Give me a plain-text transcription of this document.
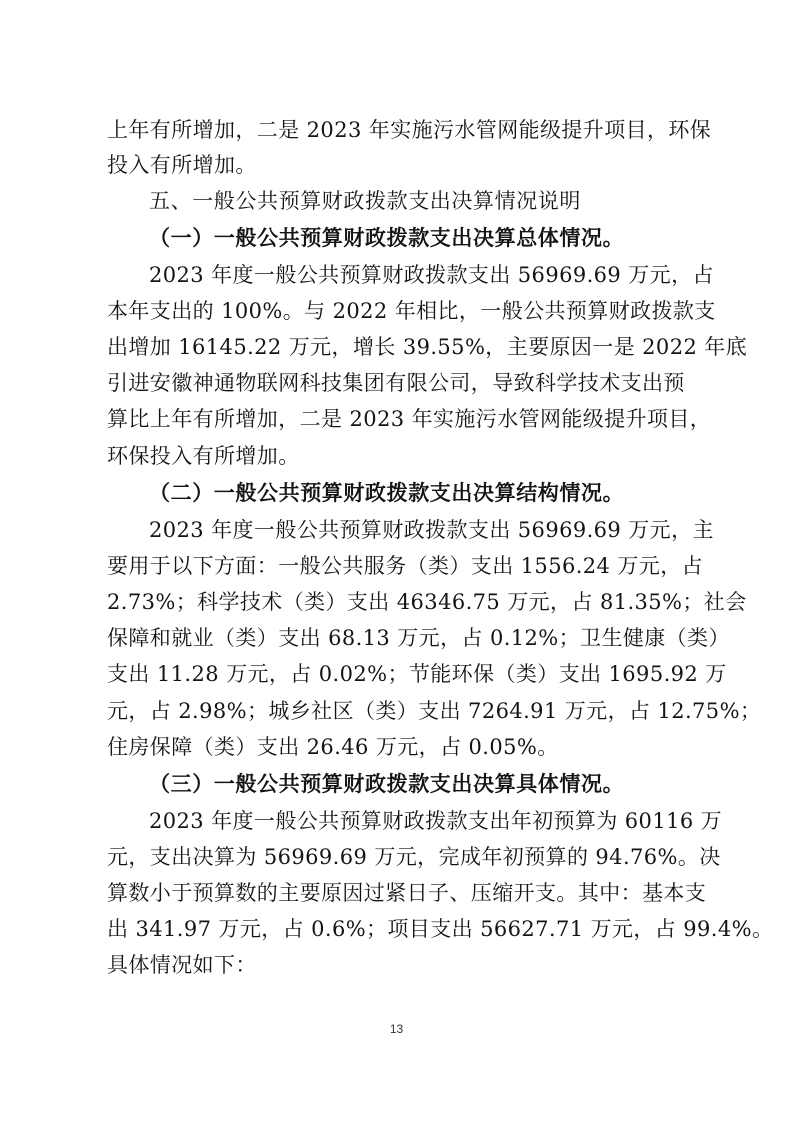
上年有所增加，二是 2023 年实施污水管网能级提升项目，环保
投入有所增加。
五、一般公共预算财政拨款支出决算情况说明
（一）一般公共预算财政拨款支出决算总体情况。
2023 年度一般公共预算财政拨款支出 56969.69 万元，占
本年支出的 100%。与 2022 年相比，一般公共预算财政拨款支
出增加 16145.22 万元，增长 39.55%，主要原因一是 2022 年底
引进安徽神通物联网科技集团有限公司，导致科学技术支出预
算比上年有所增加，二是 2023 年实施污水管网能级提升项目，
环保投入有所增加。
（二）一般公共预算财政拨款支出决算结构情况。
2023 年度一般公共预算财政拨款支出 56969.69 万元，主
要用于以下方面：一般公共服务（类）支出 1556.24 万元，占
2.73%；科学技术（类）支出 46346.75 万元，占 81.35%；社会
保障和就业（类）支出 68.13 万元，占 0.12%；卫生健康（类）
支出 11.28 万元，占 0.02%；节能环保（类）支出 1695.92 万
元，占 2.98%；城乡社区（类）支出 7264.91 万元，占 12.75%；
住房保障（类）支出 26.46 万元，占 0.05%。
（三）一般公共预算财政拨款支出决算具体情况。
2023 年度一般公共预算财政拨款支出年初预算为 60116 万
元，支出决算为 56969.69 万元，完成年初预算的 94.76%。决
算数小于预算数的主要原因过紧日子、压缩开支。其中：基本支
出 341.97 万元，占 0.6%；项目支出 56627.71 万元，占 99.4%。
具体情况如下：
13
